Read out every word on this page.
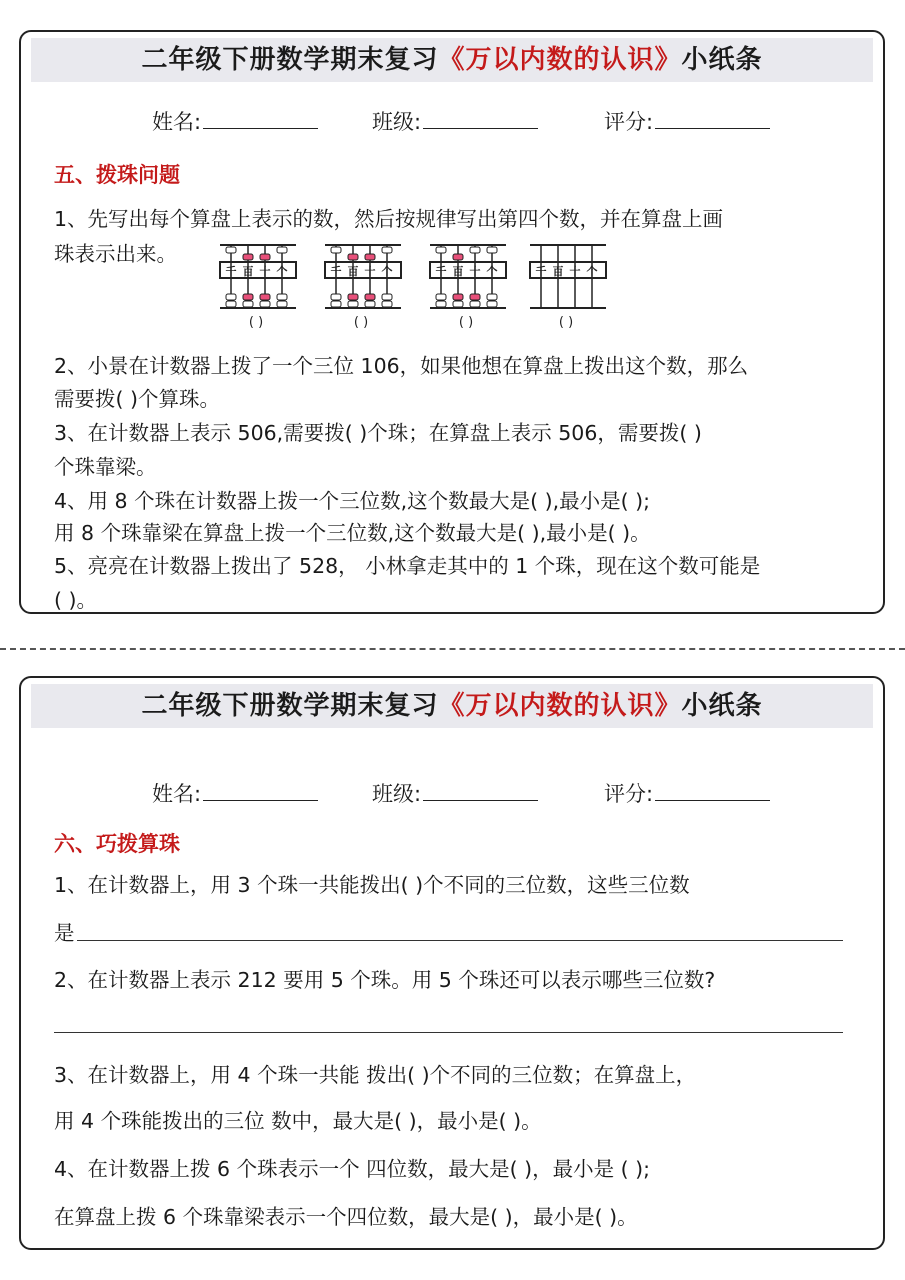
二年级下册数学期末复习《万以内数的认识》小纸条
姓名:	班级:	评分:
五、拨珠问题
1、先写出每个算盘上表示的数，然后按规律写出第四个数，并在算盘上画
珠表示出来。
千 百 十 个
( )
千 百 十 个
( )
千 百 十 个
( )
千 百 十 个
( )
2、小景在计数器上拨了一个三位 106，如果他想在算盘上拨出这个数，那么
需要拨( )个算珠。
3、在计数器上表示 506,需要拨( )个珠；在算盘上表示 506，需要拨( )
个珠靠梁。
4、用 8 个珠在计数器上拨一个三位数,这个数最大是( ),最小是( );
用 8 个珠靠梁在算盘上拨一个三位数,这个数最大是( ),最小是( )。
5、亮亮在计数器上拨出了 528， 小林拿走其中的 1 个珠，现在这个数可能是
( )。
二年级下册数学期末复习《万以内数的认识》小纸条
姓名:	班级:	评分:
六、巧拨算珠
1、在计数器上，用 3 个珠一共能拨出( )个不同的三位数，这些三位数
是
2、在计数器上表示 212 要用 5 个珠。用 5 个珠还可以表示哪些三位数?
3、在计数器上，用 4 个珠一共能 拨出( )个不同的三位数；在算盘上，
用 4 个珠能拨出的三位 数中，最大是( )，最小是( )。
4、在计数器上拨 6 个珠表示一个 四位数，最大是( )，最小是 ( );
在算盘上拨 6 个珠靠梁表示一个四位数，最大是( )，最小是( )。
